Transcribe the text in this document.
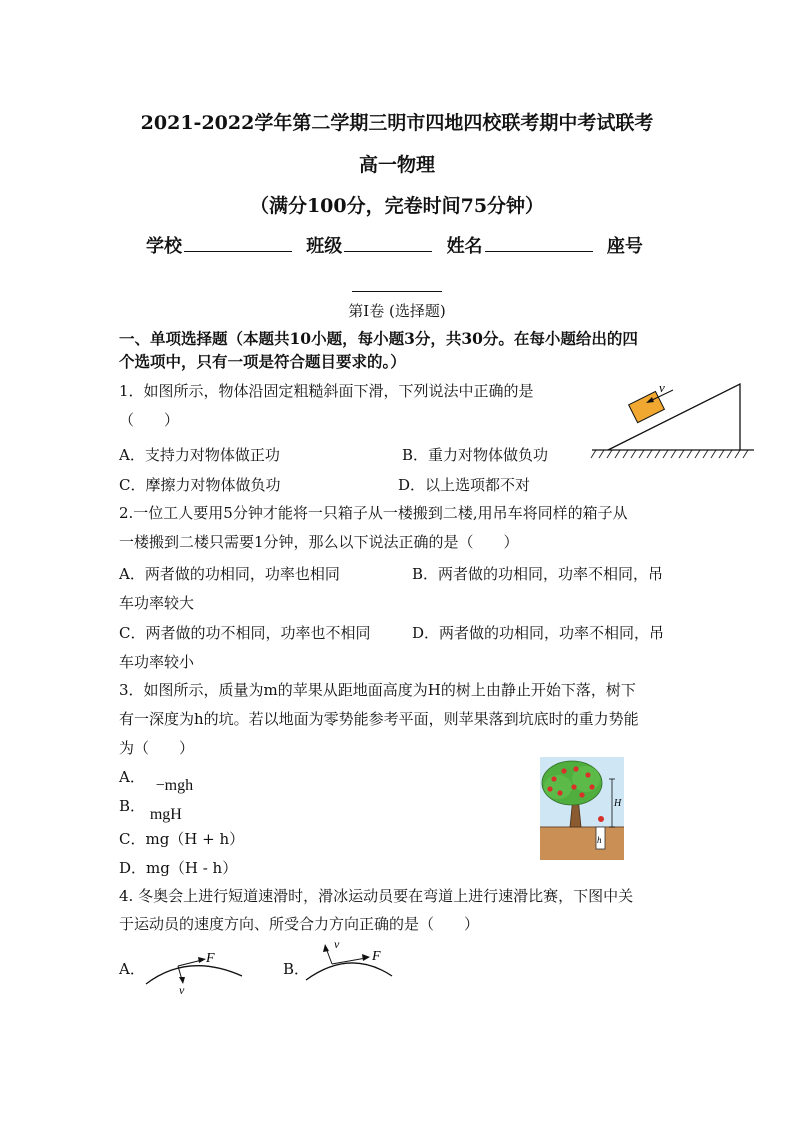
2021-2022学年第二学期三明市四地四校联考期中考试联考
高一物理
（满分100分，完卷时间75分钟）
学校	班级	姓名	座号
第Ⅰ卷 (选择题)
一、单项选择题（本题共10小题，每小题3分，共30分。在每小题给出的四
个选项中，只有一项是符合题目要求的。）
1．如图所示，物体沿固定粗糙斜面下滑，下列说法中正确的是
（　　）
A．支持力对物体做正功	B．重力对物体做负功
C．摩擦力对物体做负功	D．以上选项都不对
v
2.一位工人要用5分钟才能将一只箱子从一楼搬到二楼,用吊车将同样的箱子从
一楼搬到二楼只需要1分钟，那么以下说法正确的是（　　）
A．两者做的功相同，功率也相同	B．两者做的功相同，功率不相同，吊
车功率较大
C．两者做的功不相同，功率也不相同	D．两者做的功相同，功率不相同，吊
车功率较小
3．如图所示，质量为m的苹果从距地面高度为H的树上由静止开始下落，树下
有一深度为h的坑。若以地面为零势能参考平面，则苹果落到坑底时的重力势能
为（　　）
A． −mgh
B． mgH
C．mg（H + h）
D．mg（H - h）
H
h
4. 冬奥会上进行短道速滑时，滑冰运动员要在弯道上进行速滑比赛，下图中关
于运动员的速度方向、所受合力方向正确的是（　　）
A．
F
v
B．
v
F
